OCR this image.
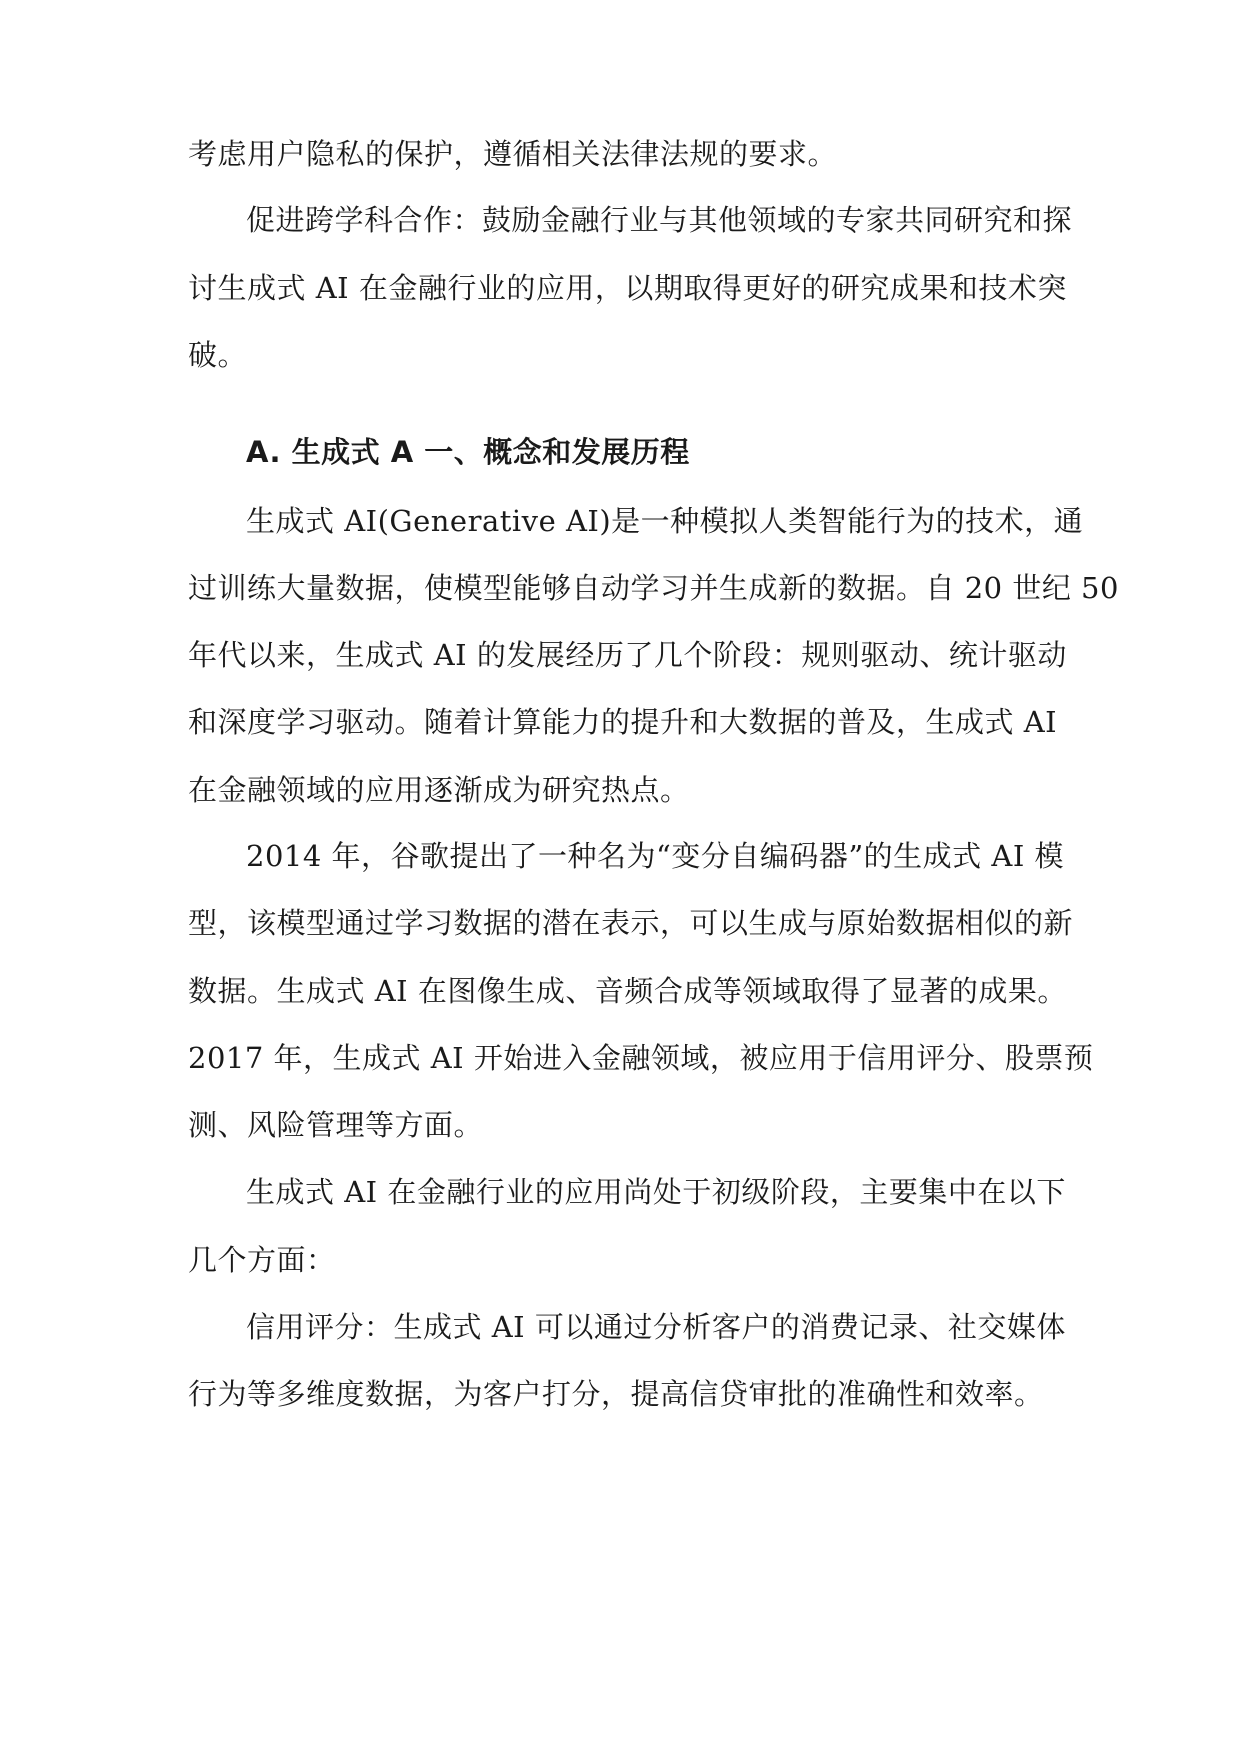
考虑用户隐私的保护，遵循相关法律法规的要求。
促进跨学科合作：鼓励金融行业与其他领域的专家共同研究和探
讨生成式 AI 在金融行业的应用，以期取得更好的研究成果和技术突
破。
A. 生成式 A 一、概念和发展历程
生成式 AI(Generative AI)是一种模拟人类智能行为的技术，通
过训练大量数据，使模型能够自动学习并生成新的数据。自 20 世纪 50
年代以来，生成式 AI 的发展经历了几个阶段：规则驱动、统计驱动
和深度学习驱动。随着计算能力的提升和大数据的普及，生成式 AI
在金融领域的应用逐渐成为研究热点。
2014 年，谷歌提出了一种名为“变分自编码器”的生成式 AI 模
型，该模型通过学习数据的潜在表示，可以生成与原始数据相似的新
数据。生成式 AI 在图像生成、音频合成等领域取得了显著的成果。
2017 年，生成式 AI 开始进入金融领域，被应用于信用评分、股票预
测、风险管理等方面。
生成式 AI 在金融行业的应用尚处于初级阶段，主要集中在以下
几个方面：
信用评分：生成式 AI 可以通过分析客户的消费记录、社交媒体
行为等多维度数据，为客户打分，提高信贷审批的准确性和效率。
